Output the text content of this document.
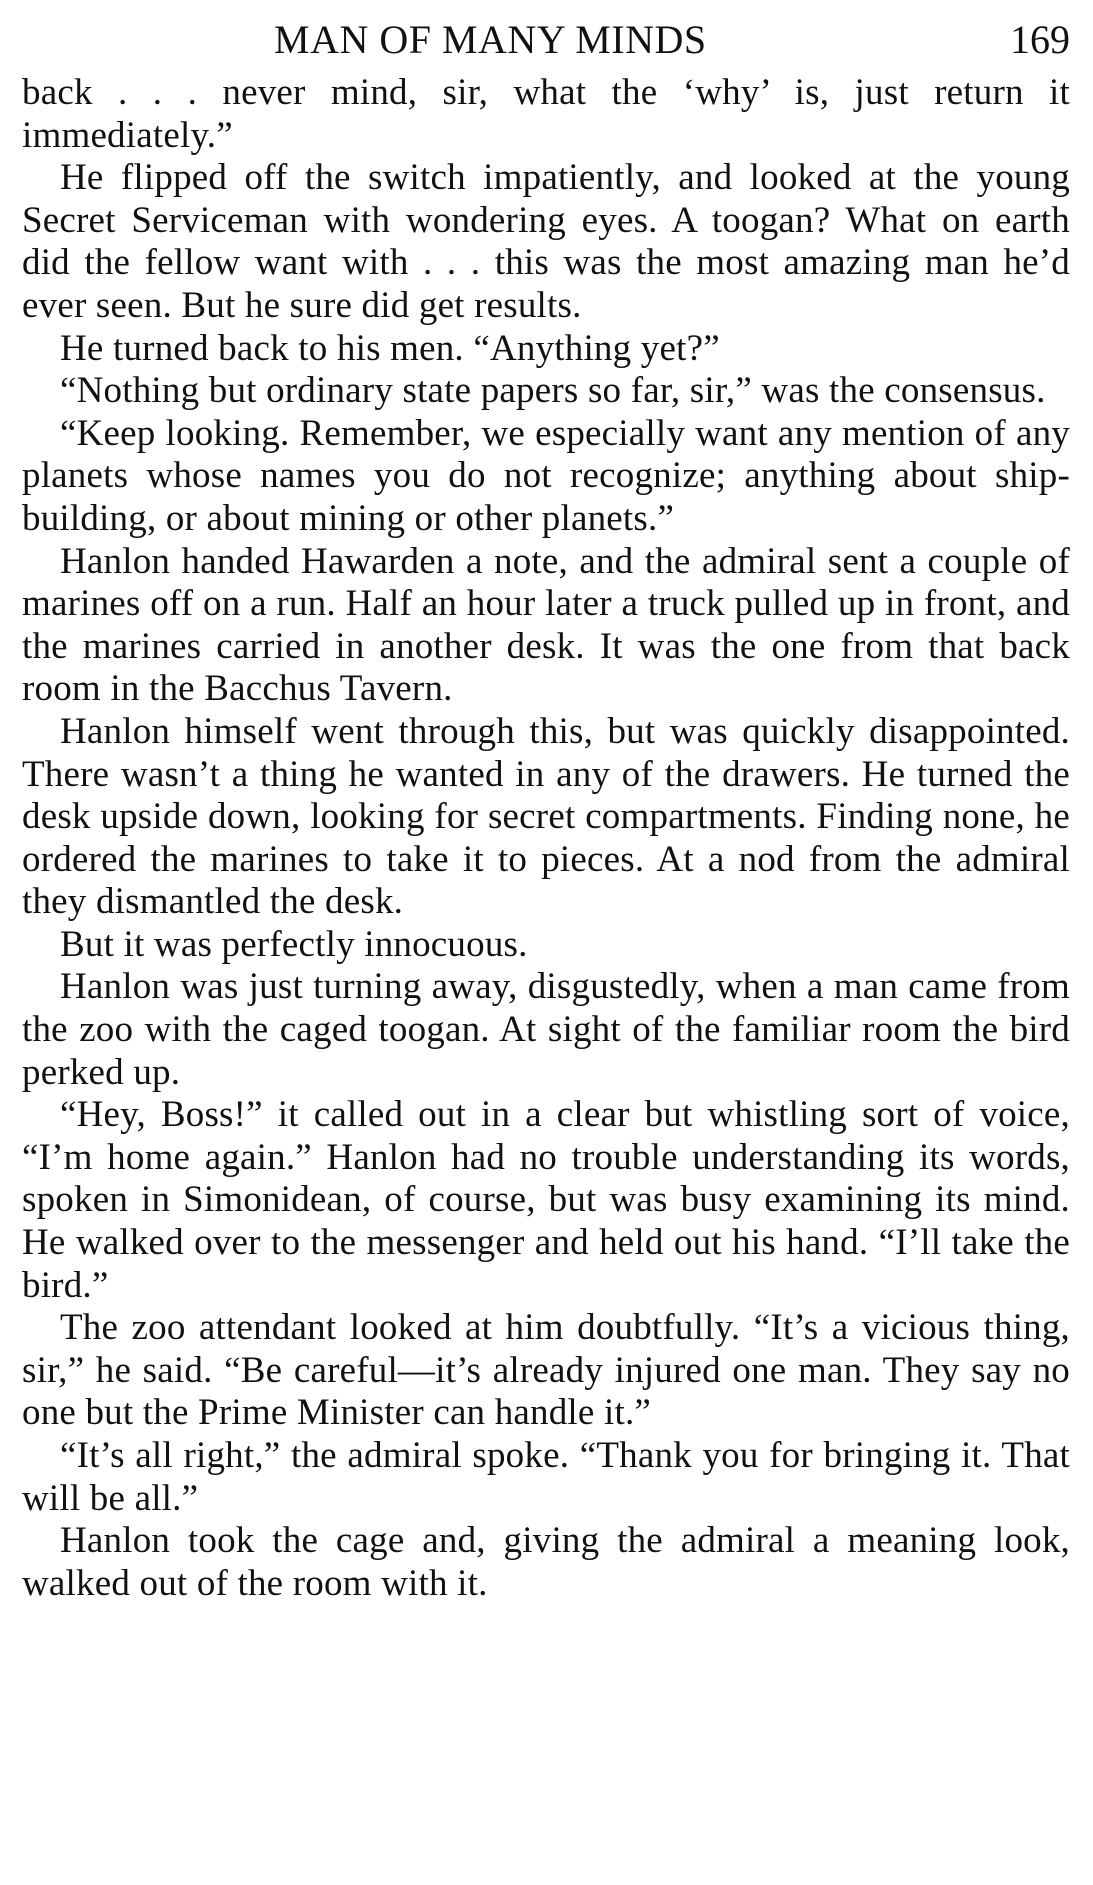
MAN OF MANY MINDS	169

back . . . never mind, sir, what the ‘why’ is, just return it immediately.”

He flipped off the switch impatiently, and looked at the young Secret Serviceman with wondering eyes. A toogan? What on earth did the fellow want with . . . this was the most amazing man he’d ever seen. But he sure did get results.

He turned back to his men. “Anything yet?”

“Nothing but ordinary state papers so far, sir,” was the consensus.

“Keep looking. Remember, we especially want any mention of any planets whose names you do not recognize; anything about ship-building, or about mining or other planets.”

Hanlon handed Hawarden a note, and the admiral sent a couple of marines off on a run. Half an hour later a truck pulled up in front, and the marines carried in another desk. It was the one from that back room in the Bacchus Tavern.

Hanlon himself went through this, but was quickly disappointed. There wasn’t a thing he wanted in any of the drawers. He turned the desk upside down, looking for secret compartments. Finding none, he ordered the marines to take it to pieces. At a nod from the admiral they dismantled the desk.

But it was perfectly innocuous.

Hanlon was just turning away, disgustedly, when a man came from the zoo with the caged toogan. At sight of the familiar room the bird perked up.

“Hey, Boss!” it called out in a clear but whistling sort of voice, “I’m home again.” Hanlon had no trouble understanding its words, spoken in Simonidean, of course, but was busy examining its mind. He walked over to the messenger and held out his hand. “I’ll take the bird.”

The zoo attendant looked at him doubtfully. “It’s a vicious thing, sir,” he said. “Be careful—it’s already injured one man. They say no one but the Prime Minister can handle it.”

“It’s all right,” the admiral spoke. “Thank you for bringing it. That will be all.”

Hanlon took the cage and, giving the admiral a meaning look, walked out of the room with it.
